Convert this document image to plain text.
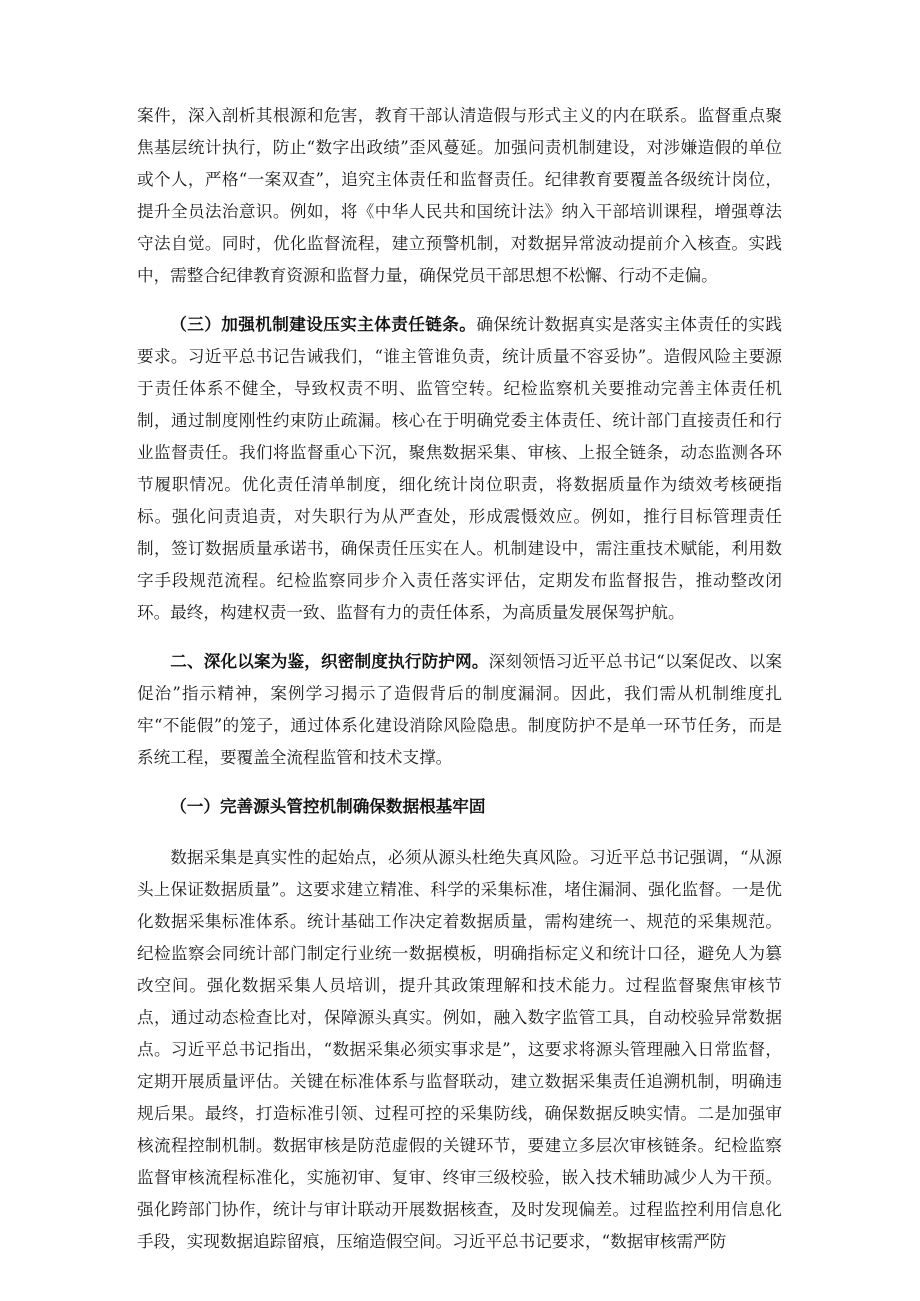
案件，深入剖析其根源和危害，教育干部认清造假与形式主义的内在联系。监督重点聚焦基层统计执行，防止“数字出政绩”歪风蔓延。加强问责机制建设，对涉嫌造假的单位或个人，严格“一案双查”，追究主体责任和监督责任。纪律教育要覆盖各级统计岗位，提升全员法治意识。例如，将《中华人民共和国统计法》纳入干部培训课程，增强尊法守法自觉。同时，优化监督流程，建立预警机制，对数据异常波动提前介入核查。实践中，需整合纪律教育资源和监督力量，确保党员干部思想不松懈、行动不走偏。

（三）加强机制建设压实主体责任链条。确保统计数据真实是落实主体责任的实践要求。习近平总书记告诫我们，“谁主管谁负责，统计质量不容妥协”。造假风险主要源于责任体系不健全，导致权责不明、监管空转。纪检监察机关要推动完善主体责任机制，通过制度刚性约束防止疏漏。核心在于明确党委主体责任、统计部门直接责任和行业监督责任。我们将监督重心下沉，聚焦数据采集、审核、上报全链条，动态监测各环节履职情况。优化责任清单制度，细化统计岗位职责，将数据质量作为绩效考核硬指标。强化问责追责，对失职行为从严查处，形成震慑效应。例如，推行目标管理责任制，签订数据质量承诺书，确保责任压实在人。机制建设中，需注重技术赋能，利用数字手段规范流程。纪检监察同步介入责任落实评估，定期发布监督报告，推动整改闭环。最终，构建权责一致、监督有力的责任体系，为高质量发展保驾护航。

二、深化以案为鉴，织密制度执行防护网。深刻领悟习近平总书记“以案促改、以案促治”指示精神，案例学习揭示了造假背后的制度漏洞。因此，我们需从机制维度扎牢“不能假”的笼子，通过体系化建设消除风险隐患。制度防护不是单一环节任务，而是系统工程，要覆盖全流程监管和技术支撑。

（一）完善源头管控机制确保数据根基牢固

数据采集是真实性的起始点，必须从源头杜绝失真风险。习近平总书记强调，“从源头上保证数据质量”。这要求建立精准、科学的采集标准，堵住漏洞、强化监督。一是优化数据采集标准体系。统计基础工作决定着数据质量，需构建统一、规范的采集规范。纪检监察会同统计部门制定行业统一数据模板，明确指标定义和统计口径，避免人为篡改空间。强化数据采集人员培训，提升其政策理解和技术能力。过程监督聚焦审核节点，通过动态检查比对，保障源头真实。例如，融入数字监管工具，自动校验异常数据点。习近平总书记指出，“数据采集必须实事求是”，这要求将源头管理融入日常监督，定期开展质量评估。关键在标准体系与监督联动，建立数据采集责任追溯机制，明确违规后果。最终，打造标准引领、过程可控的采集防线，确保数据反映实情。二是加强审核流程控制机制。数据审核是防范虚假的关键环节，要建立多层次审核链条。纪检监察监督审核流程标准化，实施初审、复审、终审三级校验，嵌入技术辅助减少人为干预。强化跨部门协作，统计与审计联动开展数据核查，及时发现偏差。过程监控利用信息化手段，实现数据追踪留痕，压缩造假空间。习近平总书记要求，“数据审核需严防
